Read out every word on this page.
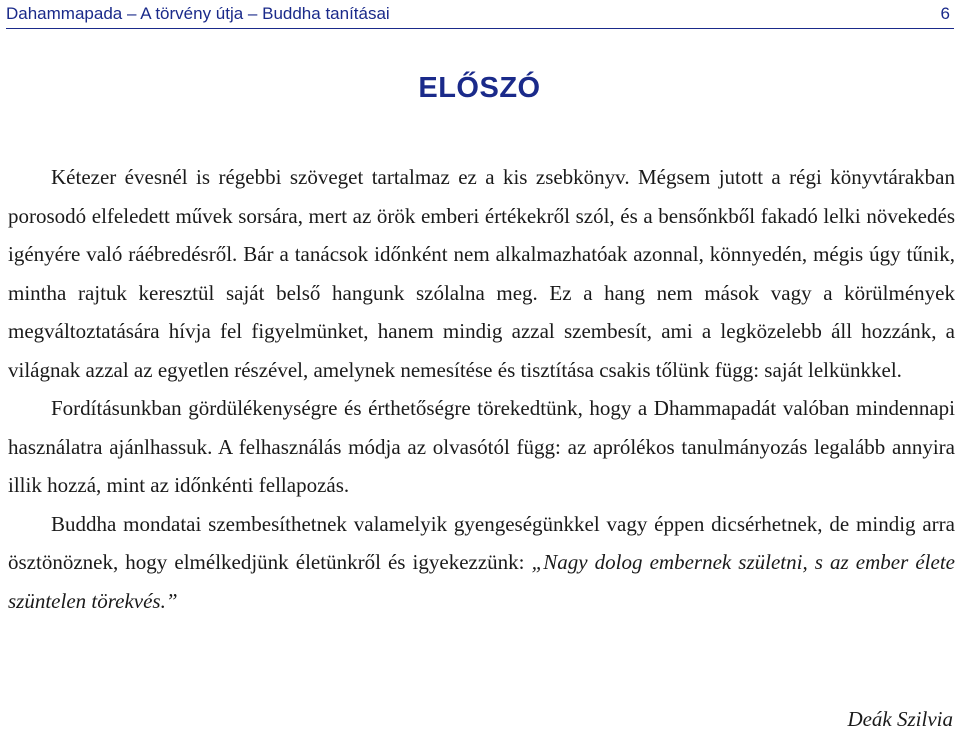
Dahammapada – A törvény útja – Buddha tanításai	6
ELŐSZÓ

Kétezer évesnél is régebbi szöveget tartalmaz ez a kis zsebkönyv. Mégsem jutott a régi könyvtárakban porosodó elfeledett művek sorsára, mert az örök emberi értékekről szól, és a bensőnkből fakadó lelki növekedés igényére való ráébredésről. Bár a tanácsok időnként nem alkalmazhatóak azonnal, könnyedén, mégis úgy tűnik, mintha rajtuk keresztül saját belső hangunk szólalna meg. Ez a hang nem mások vagy a körülmények megváltoztatására hívja fel figyelmünket, hanem mindig azzal szembesít, ami a legközelebb áll hozzánk, a világnak azzal az egyetlen részével, amelynek nemesítése és tisztítása csakis tőlünk függ: saját lelkünkkel.

Fordításunkban gördülékenységre és érthetőségre törekedtünk, hogy a Dhammapadát valóban mindennapi használatra ajánlhassuk. A felhasználás módja az olvasótól függ: az aprólékos tanulmányozás legalább annyira illik hozzá, mint az időnkénti fellapozás.

Buddha mondatai szembesíthetnek valamelyik gyengeségünkkel vagy éppen dicsérhetnek, de mindig arra ösztönöznek, hogy elmélkedjünk életünkről és igyekezzünk: „Nagy dolog embernek születni, s az ember élete szüntelen törekvés.”

Deák Szilvia
